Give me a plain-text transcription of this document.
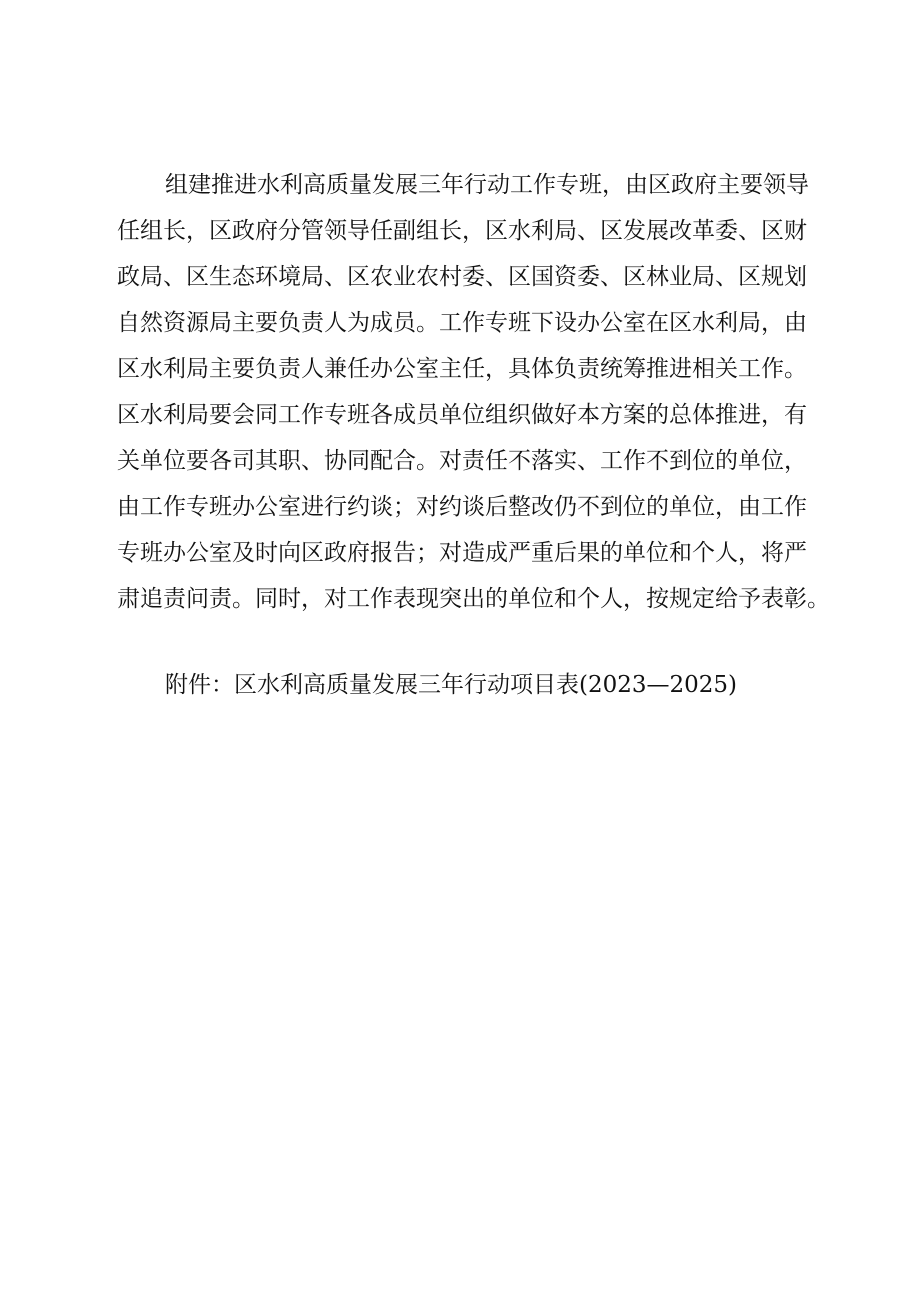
组建推进水利高质量发展三年行动工作专班，由区政府主要领导
任组长，区政府分管领导任副组长，区水利局、区发展改革委、区财
政局、区生态环境局、区农业农村委、区国资委、区林业局、区规划
自然资源局主要负责人为成员。工作专班下设办公室在区水利局，由
区水利局主要负责人兼任办公室主任，具体负责统筹推进相关工作。
区水利局要会同工作专班各成员单位组织做好本方案的总体推进，有
关单位要各司其职、协同配合。对责任不落实、工作不到位的单位，
由工作专班办公室进行约谈；对约谈后整改仍不到位的单位，由工作
专班办公室及时向区政府报告；对造成严重后果的单位和个人，将严
肃追责问责。同时，对工作表现突出的单位和个人，按规定给予表彰。
附件：区水利高质量发展三年行动项目表(2023—2025)
